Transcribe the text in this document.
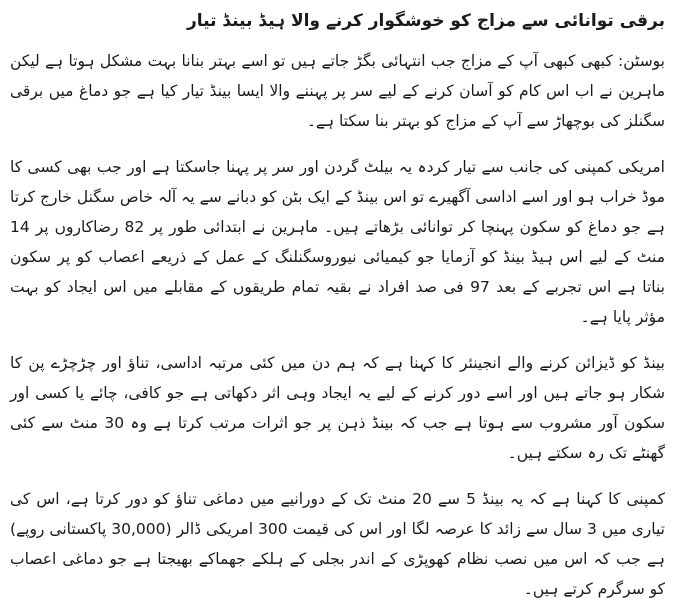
برقی توانائی سے مزاج کو خوشگوار کرنے والا ہیڈ بینڈ تیار

بوسٹن: کبھی کبھی آپ کے مزاج جب انتہائی بگڑ جاتے ہیں تو اسے بہتر بنانا بہت مشکل ہوتا ہے لیکن ماہرین نے اب اس کام کو آسان کرنے کے لیے سر پر پہننے والا ایسا بینڈ تیار کیا ہے جو دماغ میں برقی سگنلز کی بوچھاڑ سے آپ کے مزاج کو بہتر بنا سکتا ہے۔

امریکی کمپنی کی جانب سے تیار کردہ یہ بیلٹ گردن اور سر پر پہنا جاسکتا ہے اور جب بھی کسی کا موڈ خراب ہو اور اسے اداسی آگھیرے تو اس بینڈ کے ایک بٹن کو دبانے سے یہ آلہ خاص سگنل خارج کرتا ہے جو دماغ کو سکون پہنچا کر توانائی بڑھاتے ہیں۔ ماہرین نے ابتدائی طور پر 82 رضاکاروں پر 14 منٹ کے لیے اس ہیڈ بینڈ کو آزمایا جو کیمیائی نیوروسگنلنگ کے عمل کے ذریعے اعصاب کو پر سکون بناتا ہے اس تجربے کے بعد 97 فی صد افراد نے بقیہ تمام طریقوں کے مقابلے میں اس ایجاد کو بہت مؤثر پایا ہے۔

بینڈ کو ڈیزائن کرنے والے انجینئر کا کہنا ہے کہ ہم دن میں کئی مرتبہ اداسی، تناؤ اور چڑچڑے پن کا شکار ہو جاتے ہیں اور اسے دور کرنے کے لیے یہ ایجاد وہی اثر دکھاتی ہے جو کافی، چائے یا کسی اور سکون آور مشروب سے ہوتا ہے جب کہ بینڈ ذہن پر جو اثرات مرتب کرتا ہے وہ 30 منٹ سے کئی گھنٹے تک رہ سکتے ہیں۔

کمپنی کا کہنا ہے کہ یہ بینڈ 5 سے 20 منٹ تک کے دورانیے میں دماغی تناؤ کو دور کرتا ہے، اس کی تیاری میں 3 سال سے زائد کا عرصہ لگا اور اس کی قیمت 300 امریکی ڈالر (30,000 پاکستانی روپے) ہے جب کہ اس میں نصب نظام کھوپڑی کے اندر بجلی کے ہلکے جھماکے بھیجتا ہے جو دماغی اعصاب کو سرگرم کرتے ہیں۔
